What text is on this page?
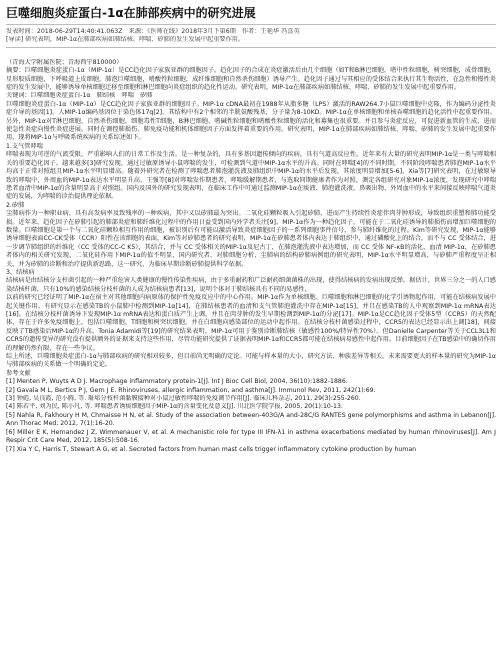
巨噬细胞炎症蛋白-1α在肺部疾病中的研究进展
发表时间：2018-06-29T14:40:41.063Z　来源：《医师在线》2018年3月下第6期　作者：王艳华 冯喜英
[导读] 研究表明，MIP-1α在肺部疾病如肺结核、哮喘、矽肺的发生发展中起重要作用。
（青海大学附属医院；青海西宁810000）

摘要：巨噬细胞炎症蛋白-1α（MIP-1α）是CC趋化因子家族亚群的细胞因子。趋化因子的合成在炎症激活后由几个细胞（如T和B淋巴细胞，嗜中性粒细胞，树突细胞，成骨细胞，星形胶质细胞，下呼吸道上皮细胞，肺泡巨噬细胞，嗜酸性粒细胞，成纤维细胞和自然杀伤细胞）诱导产生。趋化因子通过与其相应的受体结合来执行其生物活性，在急性和慢性炎症的发生发展中，能够诱导单核细胞迁移至细胞和淋巴细胞向炎症组织的趋化性运动。研究表明，MIP-1α在肺部疾病如肺结核、哮喘、矽肺的发生发展中起重要作用。

关键词：巨噬细胞炎症蛋白-1α　肺结核　哮喘　矽肺

巨噬细胞炎症蛋白-1α（MIP-1α）是CC趋化因子家族亚群的细胞因子。MIP-1α cDNA最初在1988年从脂多糖（LPS）激活的RAW264.7小鼠巨噬细胞中克隆，作为编码分泌性炎症介导的基因[1]。人MIP-1α编码基因位于染色体17q[2]，其结构中有2个相邻的半胱氨酸残基，分子量为8-10KD。MIP-1α在单核细胞和单核吞噬细胞的趋化活性中起重要作用。另外，MIP-1α对T淋巴细胞，自然杀伤细胞，细胞毒性T细胞，B淋巴细胞，嗜碱性粒细胞和嗜酸性粒细胞的活化和募集也很重要。并且参与炎症反应，可促进新血管的生成，进而使急性炎症向慢性炎症进展。同时在调控肺损伤、肺免疫功能和机体细胞因子方面发挥着重要的作用。研究表明，MIP-1α在肺部疾病如肺结核、哮喘、矽肺的发生发展中起重要作用，现将MIP-1α与呼吸系统疾病的关系综述如下。

1.支气管哮喘

哮喘表现为可逆的气流受限，严重影响人们的日常工作及生活。是一种复杂的，具有多基因遗传倾向的疾病，具有气道高反应性。近年来有大量的研究表明MIP-1α是一类与哮喘相关的重要趋化因子。越来越多[3]研究发现，通过过敏原诱导小鼠哮喘的发生，可检测到气道中MIP-1α水平的升高。同时在哮喘[4]的不同时期，不同阶段哮喘患者肺泡MIP-1α水平均高于正常对照组且MIP-1α水平明显增高。随着外研究者在检测了哮喘患者肺泡灌洗液及肺组织中MIP-1α的水平后发现，其浓度明显增加[5-6]。Xia等[7]研究表明，在过敏原导致的哮喘中，外周血的MIP-1α表达水平明显升高。王强等[8]对哮喘发作期患者，哮喘缓解期患者，与选取同期健康者作为对照，测定各组研究对象MIP-1α浓度，发现研究中哮喘患者血清中MIP-1α的含量明显高于对照组。国内及国外的研究发现表明，在临床工作中可通过监测MIP-1α在痰液、肺泡灌洗液、鼻吸出物、外周血中的水平来间接反映哮喘气道炎症的发展，为哮喘的诊治提供理论依据。

2.矽肺

尘肺病作为一种职业病，具有高发病率及致残率的一种疾病，其中又以矽肺最为突出。二氧化硅颗粒吸入引起矽肺，进而产生持续性炎症伴肉芽肿形成，导致组织重塑和肺功能受损。近年来，趋化因子在矽肺引起的肺部炎症和肺纤维化过程中的作用日益受到国内外学者关注[9]。MIP-1α作为一种趋化因子，可能在于二氧化硅诱导的肺损伤而增加巨噬细胞的数量。巨噬细胞是第一个与二氧化硅颗粒相互作用的细胞，被识别后有可能以激活导致炎症细胞因子的一系列细胞事件信号，参与肺纤维化的过程。Kim等研究发现，MIP-1α能够诱导细胞表面CC-CK受体（CCR）阳性在该细胞的表面，Kim等对矽肺患者的研究表明，MIP-1α在矽肺患者体内表达于肺组织中，通过磷酸化上的结合，而不与 CC 受体结合，进一步调节肺组织的纤维化（CC 受体的CC-C K5），其结合，并与 CC 受体相关的MIP-1α及尼古丁，在肺泡灌洗液中表达增加，而 CC 受体 NF-κB的活化，血清 MIP-1α，在矽肺患者体内的相关研究发现，二氧化硅作用下MIP-1α的值不明显，国内研究者，对肺细胞分析，尘肺病的结构矽肺病例组的研究表明，MIP-1α水平明显增高，与矽肺严重程度呈正相关，并为矽肺的诊断和治疗提供新思路，这一研究，为临床早期诊断矽肺提供科学依据。

3、结核病

结核病是由结核分支杆菌引起的一种严重危害人类健康的慢性传染性疾病，由于多重耐药和广泛耐药细菌菌株的出现，使得结核病的发病出现反弹。据估计，世界三分之一的人口感染结核杆菌，只有10%的感染结核分枝杆菌的人成为结核病患者[13]，说明个体对于肺结核具有不同的易感性。

以前的研究已经证明了MIP-1α在宿主对其他细胞内病原体的保护性免疫反应中的中心作用。MIP-1α作为单核细胞、巨噬细胞和淋巴细胞的化学引诱物起作用，可能在结核病发展中起关键作用。有研究显示在感染TB的小鼠肺中检测到MIP-1α[14]，在肺结核患者的血清和支气管肺泡灌洗中存在MIP-1α[15]，并且在感染TB的人中观察到MIP-1α mRNA表达[16]。在结核分枝杆菌诱导下发现MIP-1α mRNA表达和蛋白质产生上调，并且在肉芽肿的发生早期检测到MIP-1α的分泌[17]。MIP-1α是CC趋化因子受体5型（CCR5）的天然配体，存在于许多免疫细胞上，包括巨噬细胞，T细胞和树突状细胞，并在白细胞向感染部位的运动中起作用。在结核分枝杆菌感染过程中，CCR5的表达已经显示出上调[18]，间接反映了TB感染后MIP-1α的升高。Tonia Adamidi等[19]的研究结果表明，MIP-1α可用于鉴别诊断肺结核（敏感性100%/特异性70%）。但Danielle Carpenter等关于CCL3L1和CCR5的遗传变异的研究没有提供额外的证据来支持这些作用，尽管功能研究提供了证据表明MIP-1α和CCR5都可能在结核病易感性中起作用。目前细胞因子在TB感染中的确切作用的理解仍然有限，存在一些争议。

综上所述，巨噬细胞炎症蛋白-1α与肺部疾病的研究相对较多，但目前尚无明确的定论。可能与样本量的大小，研究方法、种族差异等相关。未来需要更大的样本量的研究为MIP-1α与肺部疾病的关系做一个明确的定论。

参考文献

[1] Menten P, Wuyts A D J. Macrophage inflammatory protein-1[J]. Int J Bioc Cell Biol, 2004, 36(10):1882-1886.

[2] Gavala M L, Bertics P J, Gern J E. Rhinoviruses, allergic inflammation, and asthma[J]. Immunol Rev, 2011, 242(1):69.

[3] 钟彪, 吴良霞, 范小腾, 等. 耻垢分枝杆菌黏膜接种对小鼠过敏性哮喘的免疫调节作用[J]. 临床儿科杂志, 2011, 29(3):255-260.

[4] 陈若平, 刘为民, 陈小凡, 等. 哮喘患者诱痰细胞因子MIP-1α的含量变化及意义[J]. 川北医学院学报, 2005, 20(1):10-13.

[5] Nahla R, Fakhoury H M, Chmaisse H N, et al. Study of the association between-403G/A and-28C/G RANTES gene polymorphisms and asthma in Lebanon[J]. Ann Thorac Med, 2012, 7(1):16-20.

[6] Miller E K, Hernandez J Z, Wimmenauer V, et al. A mechanistic role for type III IFN-λ1 in asthma exacerbations mediated by human rhinoviruses[J]. Am J Respir Crit Care Med, 2012, 185(5):508-16.

[7] Xia Y C, Harris T, Stewart A G, et al. Secreted factors from human mast cells trigger inflammatory cytokine production by human
